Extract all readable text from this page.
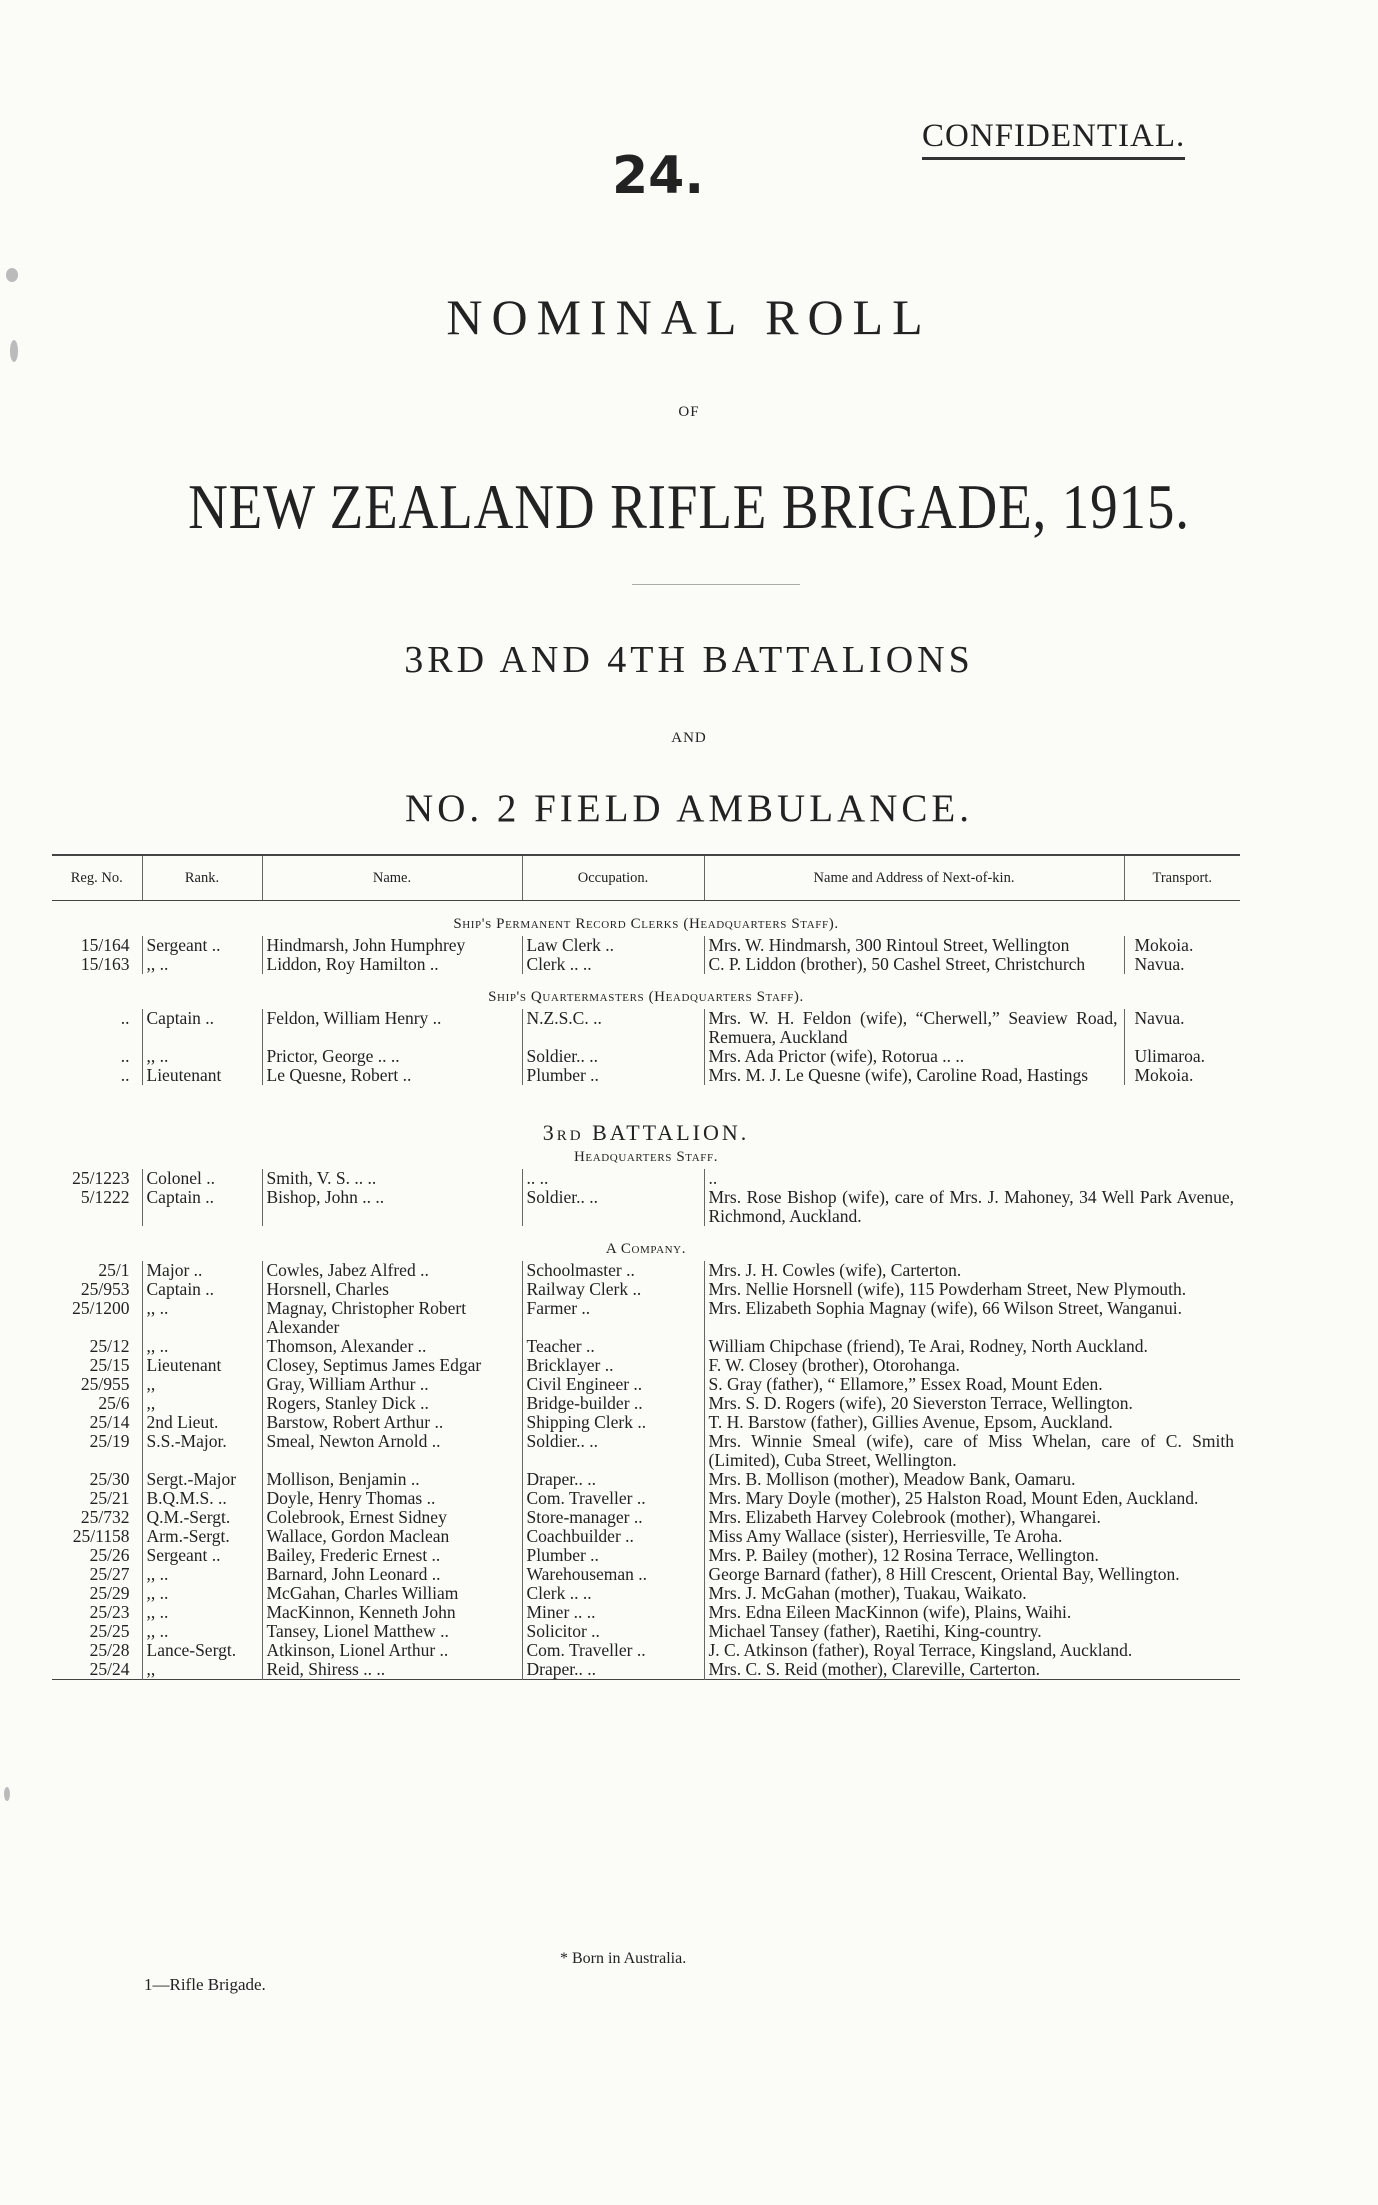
CONFIDENTIAL.
24.
NOMINAL ROLL
OF
NEW ZEALAND RIFLE BRIGADE, 1915.
3RD AND 4TH BATTALIONS
AND
NO. 2 FIELD AMBULANCE.
Reg. No.	Rank.	Name.	Occupation.	Name and Address of Next-of-kin.	Transport.
Ship's Permanent Record Clerks (Headquarters Staff).					
15/164	Sergeant ..	Hindmarsh, John Humphrey	Law Clerk ..	Mrs. W. Hindmarsh, 300 Rintoul Street, Wellington	Mokoia.
15/163	,, ..	Liddon, Roy Hamilton ..	Clerk .. ..	C. P. Liddon (brother), 50 Cashel Street, Christchurch	Navua.
Ship's Quartermasters (Headquarters Staff).					
..	Captain ..	Feldon, William Henry ..	N.Z.S.C. ..	Mrs. W. H. Feldon (wife), “Cherwell,” Seaview Road, Remuera, Auckland	Navua.
..	,, ..	Prictor, George .. ..	Soldier.. ..	Mrs. Ada Prictor (wife), Rotorua .. ..	Ulimaroa.
..	Lieutenant	Le Quesne, Robert ..	Plumber ..	Mrs. M. J. Le Quesne (wife), Caroline Road, Hastings	Mokoia.
3rd BATTALION.					
Headquarters Staff.					
25/1223	Colonel ..	Smith, V. S. .. ..	.. ..	..	
5/1222	Captain ..	Bishop, John .. ..	Soldier.. ..	Mrs. Rose Bishop (wife), care of Mrs. J. Mahoney, 34 Well Park Avenue, Richmond, Auckland.	
A Company.					
25/1	Major ..	Cowles, Jabez Alfred ..	Schoolmaster ..	Mrs. J. H. Cowles (wife), Carterton.	
25/953	Captain ..	Horsnell, Charles	Railway Clerk ..	Mrs. Nellie Horsnell (wife), 115 Powderham Street, New Plymouth.	
25/1200	,, ..	Magnay, Christopher Robert Alexander	Farmer ..	Mrs. Elizabeth Sophia Magnay (wife), 66 Wilson Street, Wanganui.	
25/12	,, ..	Thomson, Alexander ..	Teacher ..	William Chipchase (friend), Te Arai, Rodney, North Auckland.	
25/15	Lieutenant	Closey, Septimus James Edgar	Bricklayer ..	F. W. Closey (brother), Otorohanga.	
25/955	,,	Gray, William Arthur ..	Civil Engineer ..	S. Gray (father), “ Ellamore,” Essex Road, Mount Eden.	
25/6	,,	Rogers, Stanley Dick ..	Bridge-builder ..	Mrs. S. D. Rogers (wife), 20 Sieverston Terrace, Wellington.	
25/14	2nd Lieut.	Barstow, Robert Arthur ..	Shipping Clerk ..	T. H. Barstow (father), Gillies Avenue, Epsom, Auckland.	
25/19	S.S.-Major.	Smeal, Newton Arnold ..	Soldier.. ..	Mrs. Winnie Smeal (wife), care of Miss Whelan, care of C. Smith (Limited), Cuba Street, Wellington.	
25/30	Sergt.-Major	Mollison, Benjamin ..	Draper.. ..	Mrs. B. Mollison (mother), Meadow Bank, Oamaru.	
25/21	B.Q.M.S. ..	Doyle, Henry Thomas ..	Com. Traveller ..	Mrs. Mary Doyle (mother), 25 Halston Road, Mount Eden, Auckland.	
25/732	Q.M.-Sergt.	Colebrook, Ernest Sidney	Store-manager ..	Mrs. Elizabeth Harvey Colebrook (mother), Whangarei.	
25/1158	Arm.-Sergt.	Wallace, Gordon Maclean	Coachbuilder ..	Miss Amy Wallace (sister), Herriesville, Te Aroha.	
25/26	Sergeant ..	Bailey, Frederic Ernest ..	Plumber ..	Mrs. P. Bailey (mother), 12 Rosina Terrace, Wellington.	
25/27	,, ..	Barnard, John Leonard ..	Warehouseman ..	George Barnard (father), 8 Hill Crescent, Oriental Bay, Wellington.	
25/29	,, ..	McGahan, Charles William	Clerk .. ..	Mrs. J. McGahan (mother), Tuakau, Waikato.	
25/23	,, ..	MacKinnon, Kenneth John	Miner .. ..	Mrs. Edna Eileen MacKinnon (wife), Plains, Waihi.	
25/25	,, ..	Tansey, Lionel Matthew ..	Solicitor ..	Michael Tansey (father), Raetihi, King-country.	
25/28	Lance-Sergt.	Atkinson, Lionel Arthur ..	Com. Traveller ..	J. C. Atkinson (father), Royal Terrace, Kingsland, Auckland.	
25/24	,,	Reid, Shiress .. ..	Draper.. ..	Mrs. C. S. Reid (mother), Clareville, Carterton.	

* Born in Australia.
1—Rifle Brigade.
